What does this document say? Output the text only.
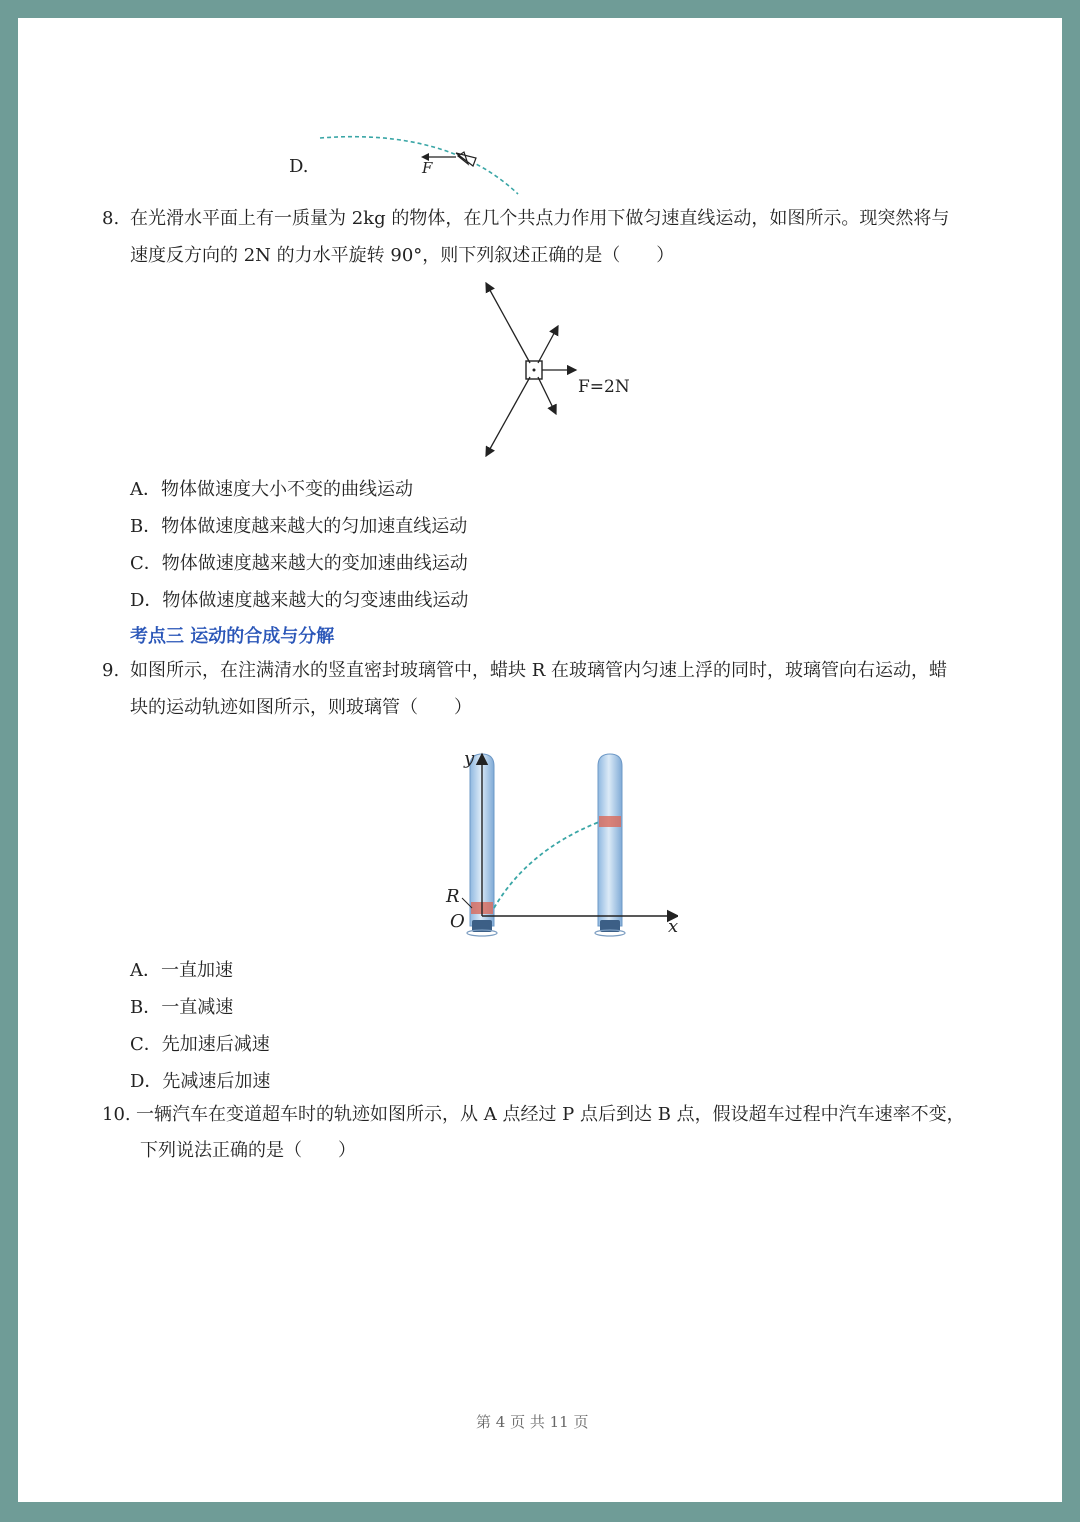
D.	F
8. 在光滑水平面上有一质量为 2kg 的物体，在几个共点力作用下做匀速直线运动，如图所示。现突然将与
速度反方向的 2N 的力水平旋转 90°，则下列叙述正确的是（　　）
F=2N
A．物体做速度大小不变的曲线运动
B．物体做速度越来越大的匀加速直线运动
C．物体做速度越来越大的变加速曲线运动
D．物体做速度越来越大的匀变速曲线运动
考点三 运动的合成与分解
9. 如图所示，在注满清水的竖直密封玻璃管中，蜡块 R 在玻璃管内匀速上浮的同时，玻璃管向右运动，蜡
块的运动轨迹如图所示，则玻璃管（　　）
y
x
R
O
A．一直加速
B．一直减速
C．先加速后减速
D．先减速后加速
10. 一辆汽车在变道超车时的轨迹如图所示，从 A 点经过 P 点后到达 B 点，假设超车过程中汽车速率不变，
下列说法正确的是（　　）
第 4 页 共 11 页
